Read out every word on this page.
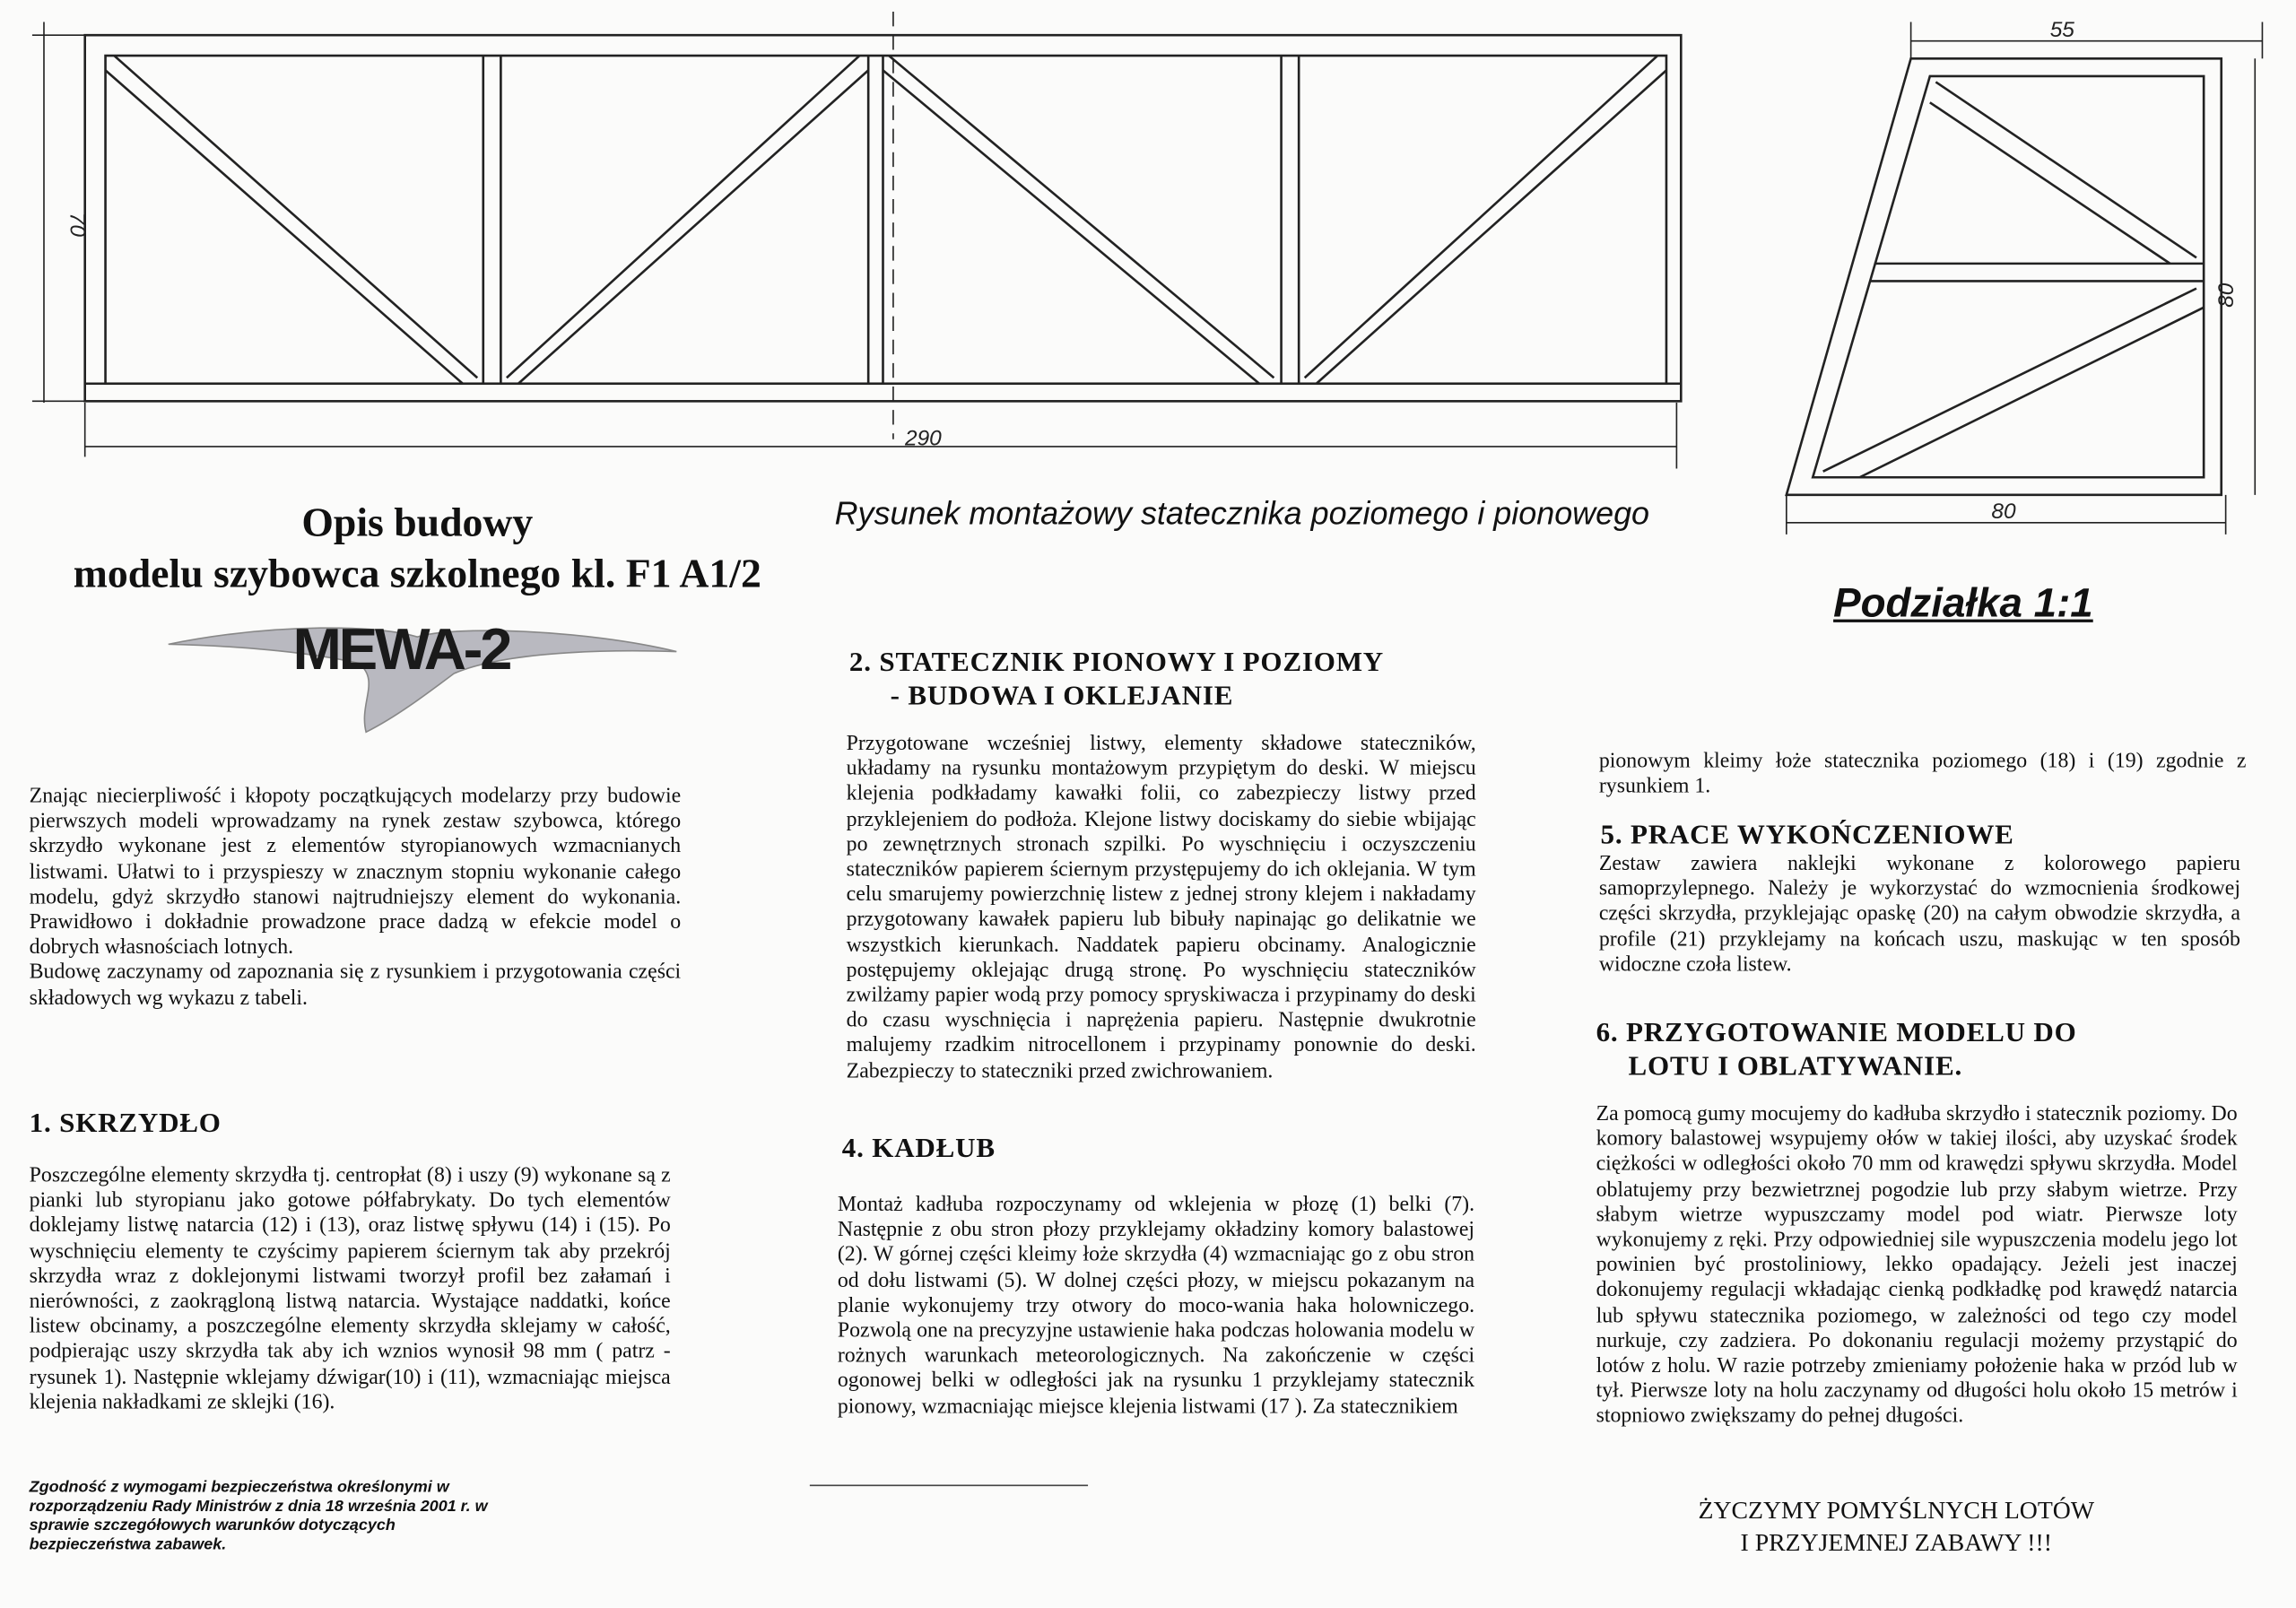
70
290
55
80
80
Rysunek montażowy statecznika poziomego i pionowego
Podziałka 1:1
Opis budowy
modelu szybowca szkolnego kl. F1 A1/2
MEWA-2
Znając niecierpliwość i kłopoty początkujących modelarzy przy budowie pierwszych modeli wprowadzamy na rynek zestaw szybowca, którego skrzydło wykonane jest z elementów styropianowych wzmacnianych listwami. Ułatwi to i przyspieszy w znacznym stopniu wykonanie całego modelu, gdyż skrzydło stanowi najtrudniejszy element do wykonania. Prawidłowo i dokładnie prowadzone prace dadzą w efekcie model o dobrych własnościach lotnych.
Budowę zaczynamy od zapoznania się z rysunkiem i przygotowania części składowych wg wykazu z tabeli.
1. SKRZYDŁO
Poszczególne elementy skrzydła tj. centropłat (8) i uszy (9) wykonane są z pianki lub styropianu jako gotowe półfabrykaty. Do tych elementów doklejamy listwę natarcia (12) i (13), oraz listwę spływu (14) i (15). Po wyschnięciu elementy te czyścimy papierem ściernym tak aby przekrój skrzydła wraz z doklejonymi listwami tworzył profil bez załamań i nierówności, z zaokrągloną listwą natarcia. Wystające naddatki, końce listew obcinamy, a poszczególne elementy skrzydła sklejamy w całość, podpierając uszy skrzydła tak aby ich wznios wynosił 98 mm ( patrz - rysunek 1). Następnie wklejamy dźwigar(10) i (11), wzmacniając miejsca klejenia nakładkami ze sklejki (16).
Zgodność z wymogami bezpieczeństwa określonymi w rozporządzeniu Rady Ministrów z dnia 18 września 2001 r. w sprawie szczegółowych warunków dotyczących bezpieczeństwa zabawek.
2. STATECZNIK PIONOWY I POZIOMY
- BUDOWA I OKLEJANIE
Przygotowane wcześniej listwy, elementy składowe stateczników, układamy na rysunku montażowym przypiętym do deski. W miejscu klejenia podkładamy kawałki folii, co zabezpieczy listwy przed przyklejeniem do podłoża. Klejone listwy dociskamy do siebie wbijając po zewnętrznych stronach szpilki. Po wyschnięciu i oczyszczeniu stateczników papierem ściernym przystępujemy do ich oklejania. W tym celu smarujemy powierzchnię listew z jednej strony klejem i nakładamy przygotowany kawałek papieru lub bibuły napinając go delikatnie we wszystkich kierunkach. Naddatek papieru obcinamy. Analogicznie postępujemy oklejając drugą stronę. Po wyschnięciu stateczników zwilżamy papier wodą przy pomocy spryskiwacza i przypinamy do deski do czasu wyschnięcia i naprężenia papieru. Następnie dwukrotnie malujemy rzadkim nitrocellonem i przypinamy ponownie do deski. Zabezpieczy to stateczniki przed zwichrowaniem.
4. KADŁUB
Montaż kadłuba rozpoczynamy od wklejenia w płozę (1) belki (7). Następnie z obu stron płozy przyklejamy okładziny komory balastowej (2). W górnej części kleimy łoże skrzydła (4) wzmacniając go z obu stron od dołu listwami (5). W dolnej części płozy, w miejscu pokazanym na planie wykonujemy trzy otwory do moco-wania haka holowniczego. Pozwolą one na precyzyjne ustawienie haka podczas holowania modelu w rożnych warunkach meteorologicznych. Na zakończenie w części ogonowej belki w odległości jak na rysunku 1 przyklejamy statecznik pionowy, wzmacniając miejsce klejenia listwami (17 ). Za statecznikiem
pionowym kleimy łoże statecznika poziomego (18) i (19) zgodnie z rysunkiem 1.
5. PRACE WYKOŃCZENIOWE
Zestaw zawiera naklejki wykonane z kolorowego papieru samoprzylepnego. Należy je wykorzystać do wzmocnienia środkowej części skrzydła, przyklejając opaskę (20) na całym obwodzie skrzydła, a profile (21) przyklejamy na końcach uszu, maskując w ten sposób widoczne czoła listew.
6. PRZYGOTOWANIE MODELU DO
LOTU I OBLATYWANIE.
Za pomocą gumy mocujemy do kadłuba skrzydło i statecznik poziomy. Do komory balastowej wsypujemy ołów w takiej ilości, aby uzyskać środek ciężkości w odległości około 70 mm od krawędzi spływu skrzydła. Model oblatujemy przy bezwietrznej pogodzie lub przy słabym wietrze. Przy słabym wietrze wypuszczamy model pod wiatr. Pierwsze loty wykonujemy z ręki. Przy odpowiedniej sile wypuszczenia modelu jego lot powinien być prostoliniowy, lekko opadający. Jeżeli jest inaczej dokonujemy regulacji wkładając cienką podkładkę pod krawędź natarcia lub spływu statecznika poziomego, w zależności od tego czy model nurkuje, czy zadziera. Po dokonaniu regulacji możemy przystąpić do lotów z holu. W razie potrzeby zmieniamy położenie haka w przód lub w tył. Pierwsze loty na holu zaczynamy od długości holu około 15 metrów i stopniowo zwiększamy do pełnej długości.
ŻYCZYMY POMYŚLNYCH LOTÓW
I PRZYJEMNEJ ZABAWY !!!
